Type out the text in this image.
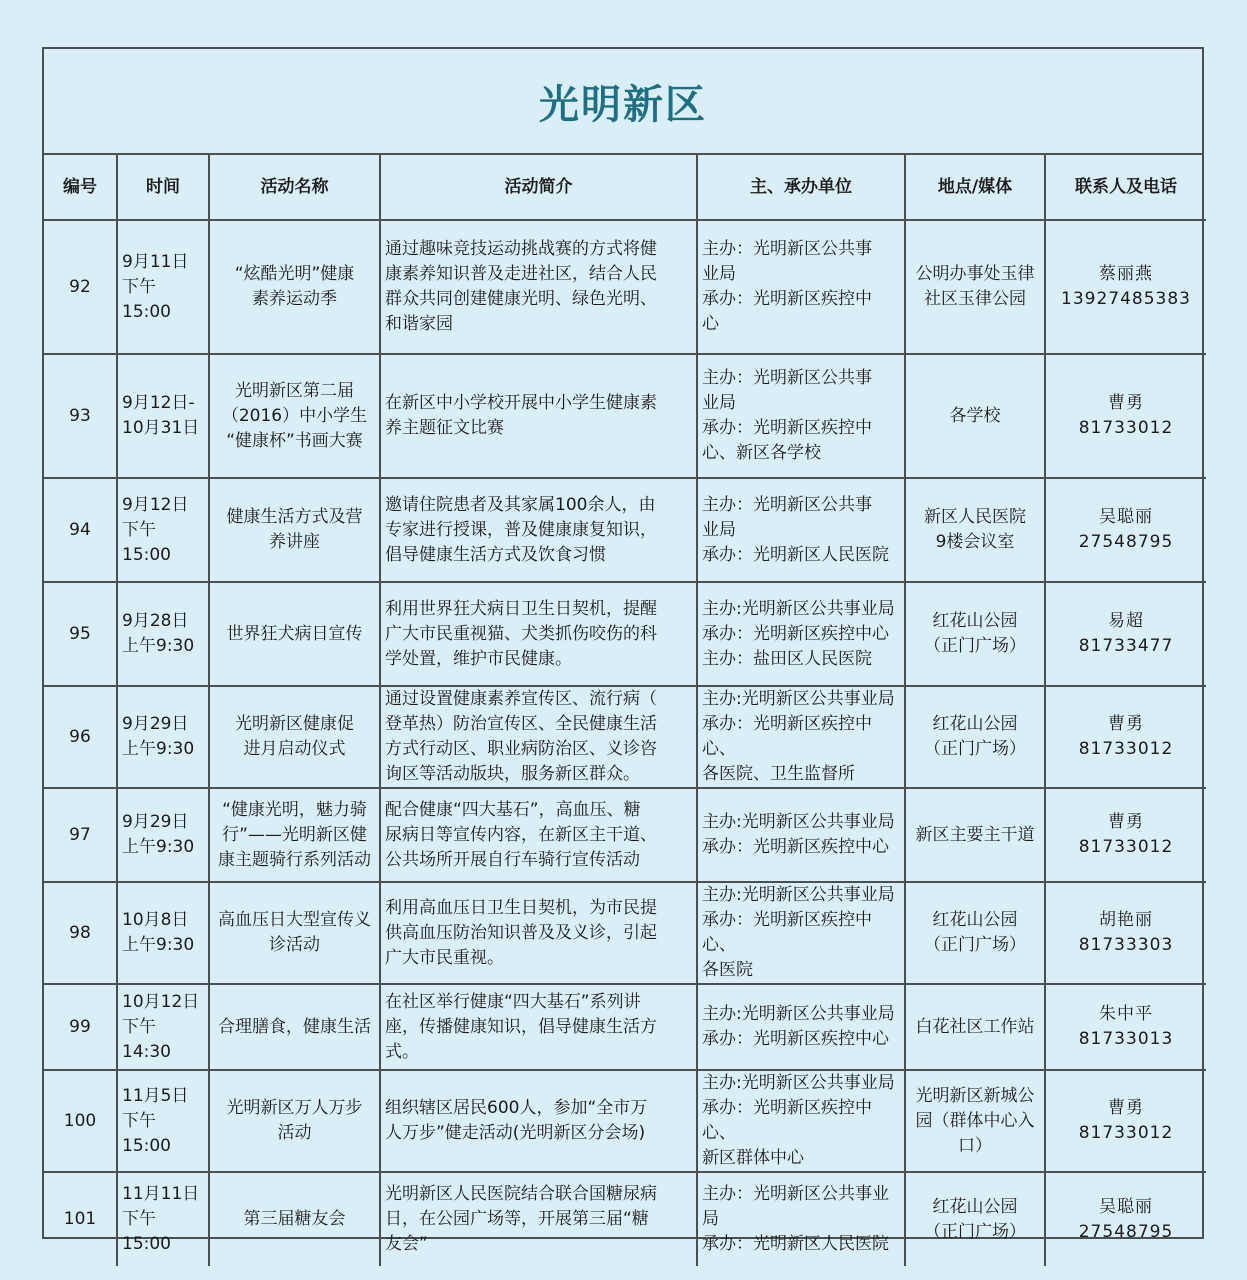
光明新区
编号	时间	活动名称	活动简介	主、承办单位	地点/媒体	联系人及电话

92	9月11日
下午15:00	“炫酷光明”健康
素养运动季	通过趣味竞技运动挑战赛的方式将健
康素养知识普及走进社区，结合人民
群众共同创建健康光明、绿色光明、
和谐家园	主办：光明新区公共事
业局
承办：光明新区疾控中
心	公明办事处玉律
社区玉律公园	蔡丽燕
13927485383

93	9月12日-
10月31日	光明新区第二届
（2016）中小学生
“健康杯”书画大赛	在新区中小学校开展中小学生健康素
养主题征文比赛	主办：光明新区公共事
业局
承办：光明新区疾控中
心、新区各学校	各学校	曹勇
81733012

94	9月12日
下午15:00	健康生活方式及营
养讲座	邀请住院患者及其家属100余人，由
专家进行授课，普及健康康复知识，
倡导健康生活方式及饮食习惯	主办：光明新区公共事
业局
承办：光明新区人民医院	新区人民医院
9楼会议室	吴聪丽
27548795

95	9月28日
上午9:30	世界狂犬病日宣传	利用世界狂犬病日卫生日契机，提醒
广大市民重视猫、犬类抓伤咬伤的科
学处置，维护市民健康。	主办:光明新区公共事业局
承办：光明新区疾控中心
主办：盐田区人民医院	红花山公园
（正门广场）	易超
81733477

96	9月29日
上午9:30	光明新区健康促
进月启动仪式	通过设置健康素养宣传区、流行病（
登革热）防治宣传区、全民健康生活
方式行动区、职业病防治区、义诊咨
询区等活动版块，服务新区群众。	主办:光明新区公共事业局
承办：光明新区疾控中心、
各医院、卫生监督所	红花山公园
（正门广场）	曹勇
81733012

97	9月29日
上午9:30	“健康光明，魅力骑
行”——光明新区健
康主题骑行系列活动	配合健康“四大基石”，高血压、糖
尿病日等宣传内容，在新区主干道、
公共场所开展自行车骑行宣传活动	主办:光明新区公共事业局
承办：光明新区疾控中心	新区主要主干道	曹勇
81733012

98	10月8日
上午9:30	高血压日大型宣传义
诊活动	利用高血压日卫生日契机，为市民提
供高血压防治知识普及及义诊，引起
广大市民重视。	主办:光明新区公共事业局
承办：光明新区疾控中心、
各医院	红花山公园
（正门广场）	胡艳丽
81733303

99	10月12日
下午14:30	合理膳食，健康生活	在社区举行健康“四大基石”系列讲
座，传播健康知识，倡导健康生活方
式。	主办:光明新区公共事业局
承办：光明新区疾控中心	白花社区工作站	朱中平
81733013

100	11月5日
下午15:00	光明新区万人万步
活动	组织辖区居民600人，参加“全市万
人万步”健走活动(光明新区分会场)	主办:光明新区公共事业局
承办：光明新区疾控中心、
新区群体中心	光明新区新城公
园（群体中心入
口）	曹勇
81733012

101	11月11日
下午15:00	第三届糖友会	光明新区人民医院结合联合国糖尿病
日，在公园广场等，开展第三届“糖
友会”	主办：光明新区公共事业局
承办：光明新区人民医院	红花山公园
（正门广场）	吴聪丽
27548795
